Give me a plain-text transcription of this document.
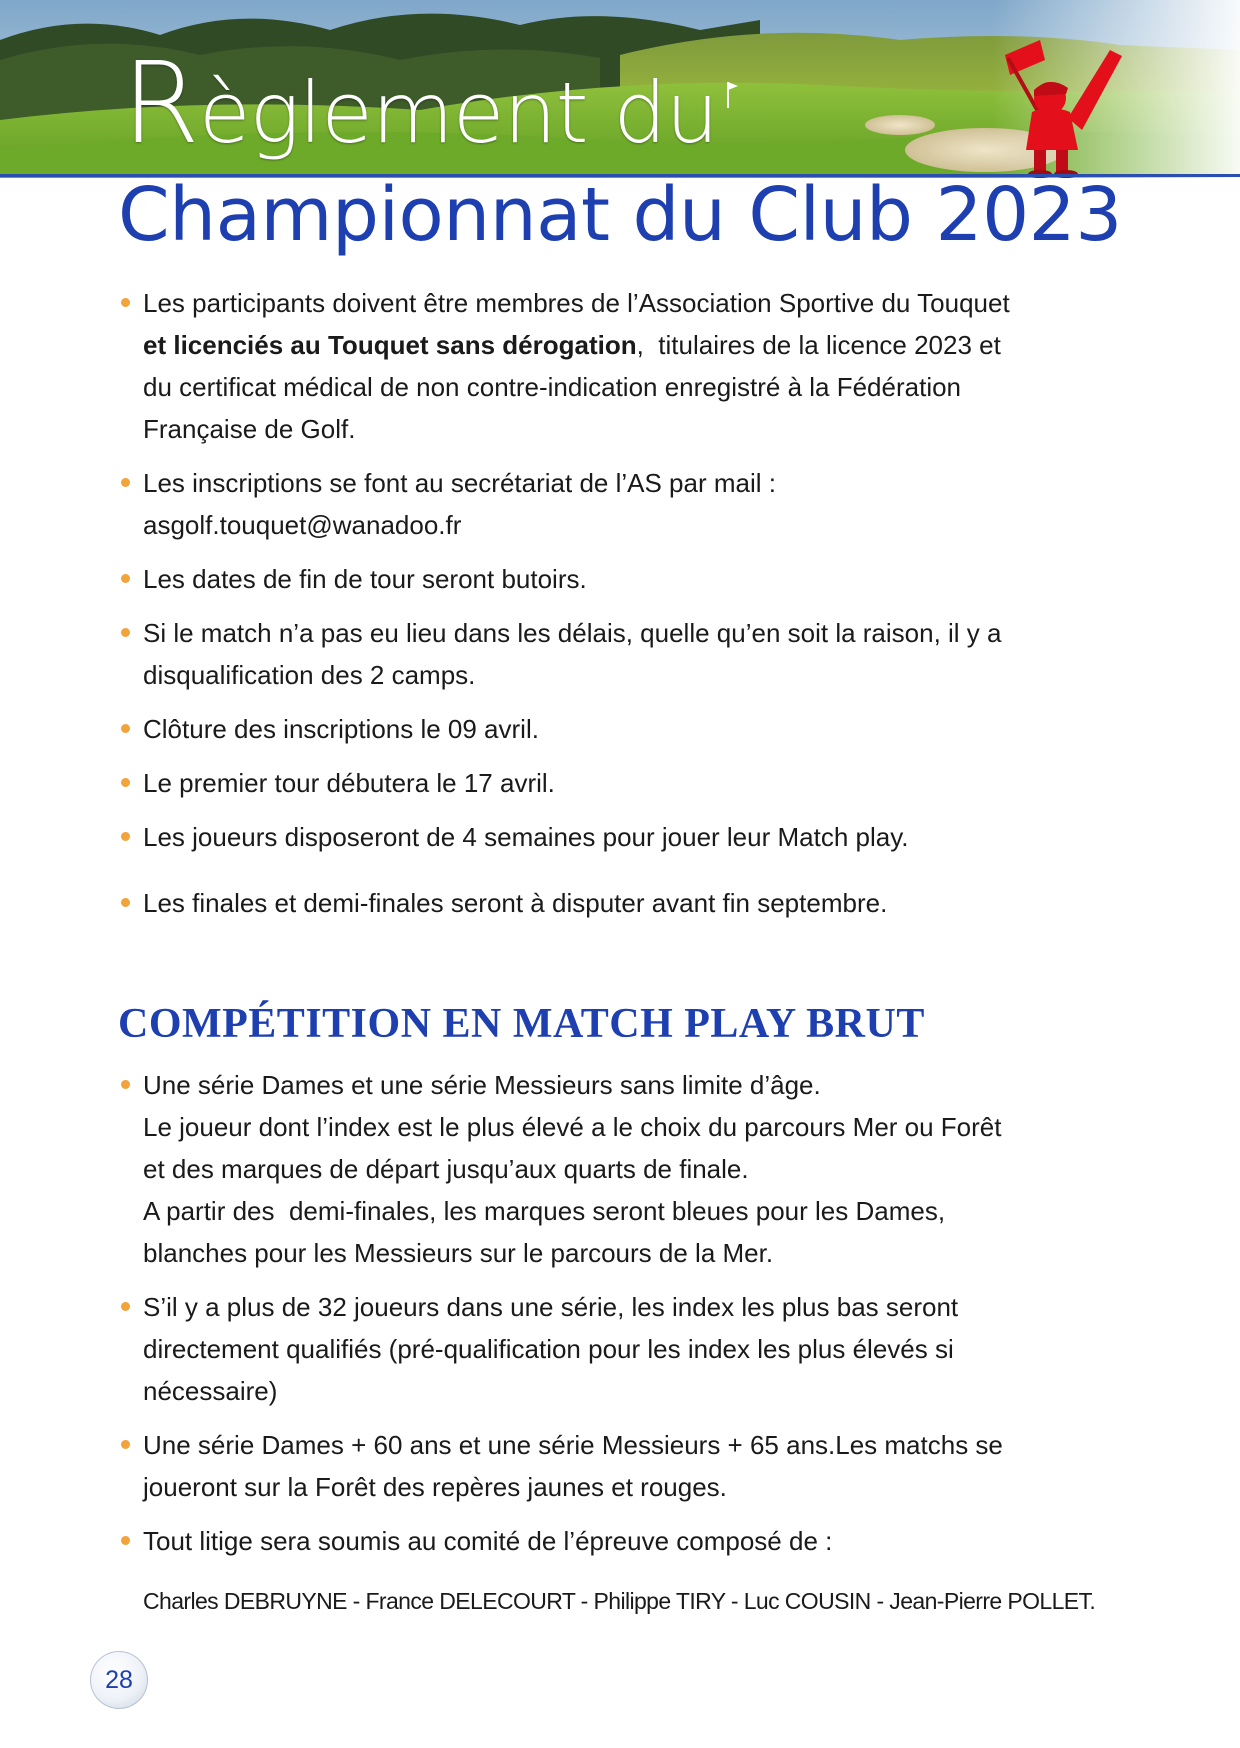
Règlement du
Championnat du Club 2023
Les participants doivent être membres de l’Association Sportive du Touquet
et licenciés au Touquet sans dérogation,  titulaires de la licence 2023 et
du certificat médical de non contre-indication enregistré à la Fédération
Française de Golf.
Les inscriptions se font au secrétariat de l’AS par mail :
asgolf.touquet@wanadoo.fr
Les dates de fin de tour seront butoirs.
Si le match n’a pas eu lieu dans les délais, quelle qu’en soit la raison, il y a
disqualification des 2 camps.
Clôture des inscriptions le 09 avril.
Le premier tour débutera le 17 avril.
Les joueurs disposeront de 4 semaines pour jouer leur Match play.
Les finales et demi-finales seront à disputer avant fin septembre.
COMPÉTITION EN MATCH PLAY BRUT
Une série Dames et une série Messieurs sans limite d’âge.
Le joueur dont l’index est le plus élevé a le choix du parcours Mer ou Forêt
et des marques de départ jusqu’aux quarts de finale.
A partir des  demi-finales, les marques seront bleues pour les Dames,
blanches pour les Messieurs sur le parcours de la Mer.
S’il y a plus de 32 joueurs dans une série, les index les plus bas seront
directement qualifiés (pré-qualification pour les index les plus élevés si
nécessaire)
Une série Dames + 60 ans et une série Messieurs + 65 ans.Les matchs se
joueront sur la Forêt des repères jaunes et rouges.
Tout litige sera soumis au comité de l’épreuve composé de :
Charles DEBRUYNE - France DELECOURT - Philippe TIRY - Luc COUSIN - Jean-Pierre POLLET.
28
